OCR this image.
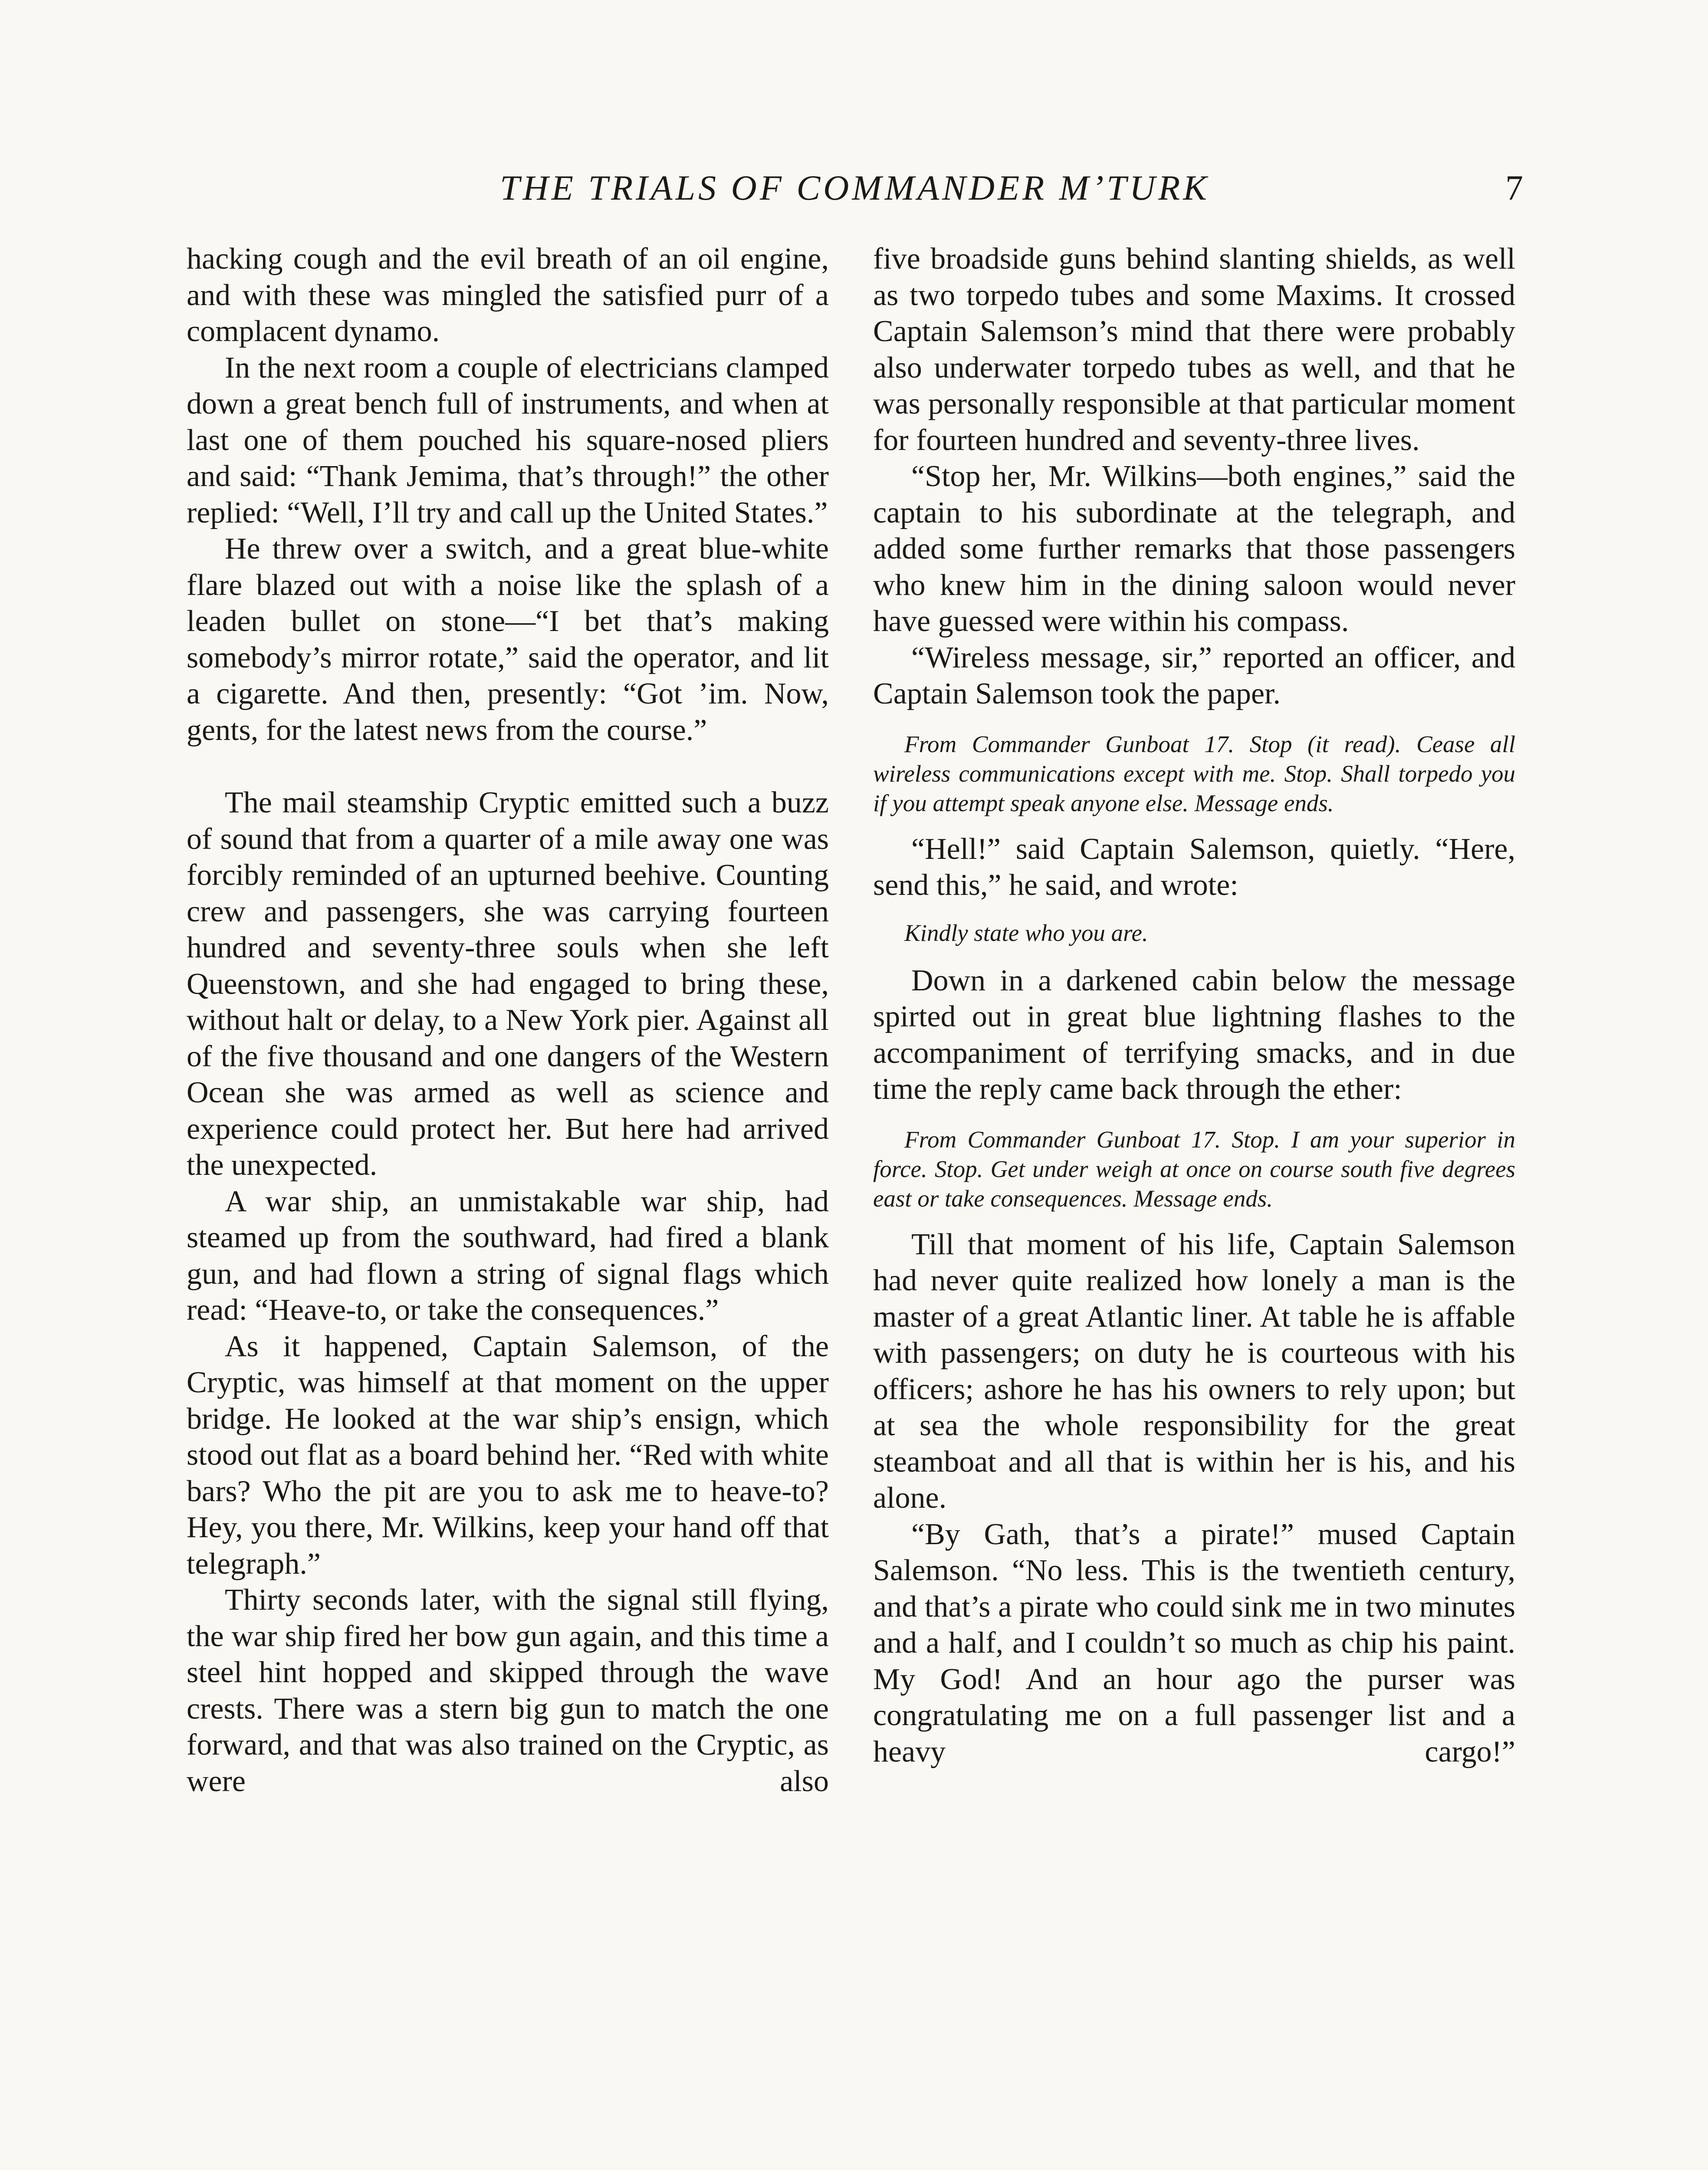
THE TRIALS OF COMMANDER M’TURK	7

hacking cough and the evil breath of an oil engine, and with these was mingled the satisfied purr of a complacent dynamo.

In the next room a couple of electricians clamped down a great bench full of instruments, and when at last one of them pouched his square-nosed pliers and said: “Thank Jemima, that’s through!” the other replied: “Well, I’ll try and call up the United States.”

He threw over a switch, and a great blue-white flare blazed out with a noise like the splash of a leaden bullet on stone—“I bet that’s making somebody’s mirror rotate,” said the operator, and lit a cigarette. And then, presently: “Got ’im. Now, gents, for the latest news from the course.”

The mail steamship Cryptic emitted such a buzz of sound that from a quarter of a mile away one was forcibly reminded of an upturned beehive. Counting crew and passengers, she was carrying fourteen hundred and seventy-three souls when she left Queenstown, and she had engaged to bring these, without halt or delay, to a New York pier. Against all of the five thousand and one dangers of the Western Ocean she was armed as well as science and experience could protect her. But here had arrived the unexpected.

A war ship, an unmistakable war ship, had steamed up from the southward, had fired a blank gun, and had flown a string of signal flags which read: “Heave-to, or take the consequences.”

As it happened, Captain Salemson, of the Cryptic, was himself at that moment on the upper bridge. He looked at the war ship’s ensign, which stood out flat as a board behind her. “Red with white bars? Who the pit are you to ask me to heave-to? Hey, you there, Mr. Wilkins, keep your hand off that telegraph.”

Thirty seconds later, with the signal still flying, the war ship fired her bow gun again, and this time a steel hint hopped and skipped through the wave crests. There was a stern big gun to match the one forward, and that was also trained on the Cryptic, as were also

five broadside guns behind slanting shields, as well as two torpedo tubes and some Maxims. It crossed Captain Salemson’s mind that there were probably also underwater torpedo tubes as well, and that he was personally responsible at that particular moment for fourteen hundred and seventy-three lives.

“Stop her, Mr. Wilkins—both engines,” said the captain to his subordinate at the telegraph, and added some further remarks that those passengers who knew him in the dining saloon would never have guessed were within his compass.

“Wireless message, sir,” reported an officer, and Captain Salemson took the paper.

From Commander Gunboat 17. Stop (it read). Cease all wireless communications except with me. Stop. Shall torpedo you if you attempt speak anyone else. Message ends.

“Hell!” said Captain Salemson, quietly. “Here, send this,” he said, and wrote:

Kindly state who you are.

Down in a darkened cabin below the message spirted out in great blue lightning flashes to the accompaniment of terrifying smacks, and in due time the reply came back through the ether:

From Commander Gunboat 17. Stop. I am your superior in force. Stop. Get under weigh at once on course south five degrees east or take consequences. Message ends.

Till that moment of his life, Captain Salemson had never quite realized how lonely a man is the master of a great Atlantic liner. At table he is affable with passengers; on duty he is courteous with his officers; ashore he has his owners to rely upon; but at sea the whole responsibility for the great steamboat and all that is within her is his, and his alone.

“By Gath, that’s a pirate!” mused Captain Salemson. “No less. This is the twentieth century, and that’s a pirate who could sink me in two minutes and a half, and I couldn’t so much as chip his paint. My God! And an hour ago the purser was congratulating me on a full passenger list and a heavy cargo!”
